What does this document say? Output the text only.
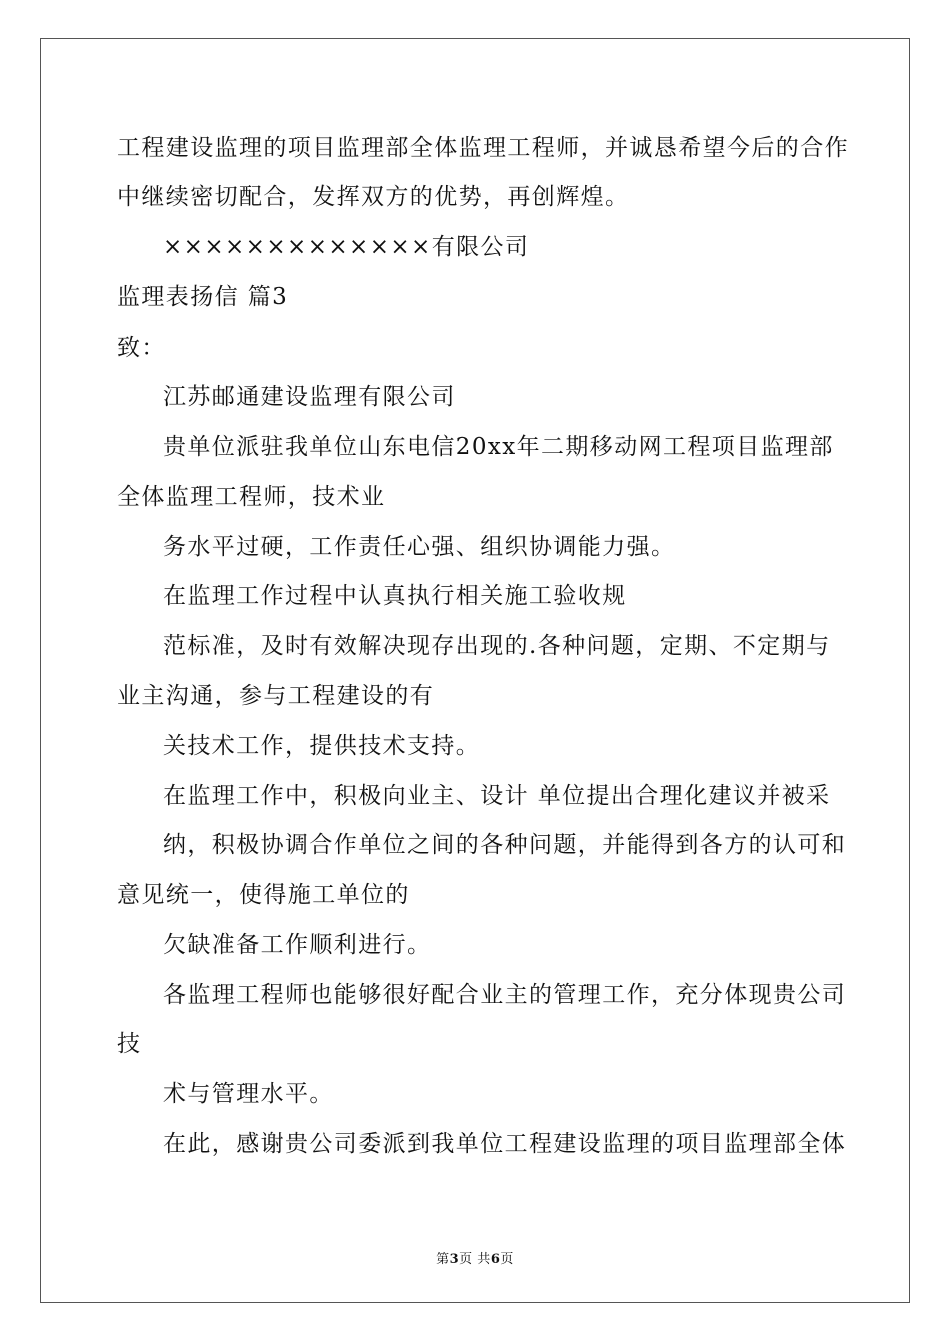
工程建设监理的项目监理部全体监理工程师，并诚恳希望今后的合作
中继续密切配合，发挥双方的优势，再创辉煌。
×××××××××××××有限公司
监理表扬信 篇3
致：
江苏邮通建设监理有限公司
贵单位派驻我单位山东电信20xx年二期移动网工程项目监理部
全体监理工程师，技术业
务水平过硬，工作责任心强、组织协调能力强。
在监理工作过程中认真执行相关施工验收规
范标准，及时有效解决现存出现的.各种问题，定期、不定期与
业主沟通，参与工程建设的有
关技术工作，提供技术支持。
在监理工作中，积极向业主、设计 单位提出合理化建议并被采
纳，积极协调合作单位之间的各种问题，并能得到各方的认可和
意见统一，使得施工单位的
欠缺准备工作顺利进行。
各监理工程师也能够很好配合业主的管理工作，充分体现贵公司
技
术与管理水平。
在此，感谢贵公司委派到我单位工程建设监理的项目监理部全体
第3页 共6页
